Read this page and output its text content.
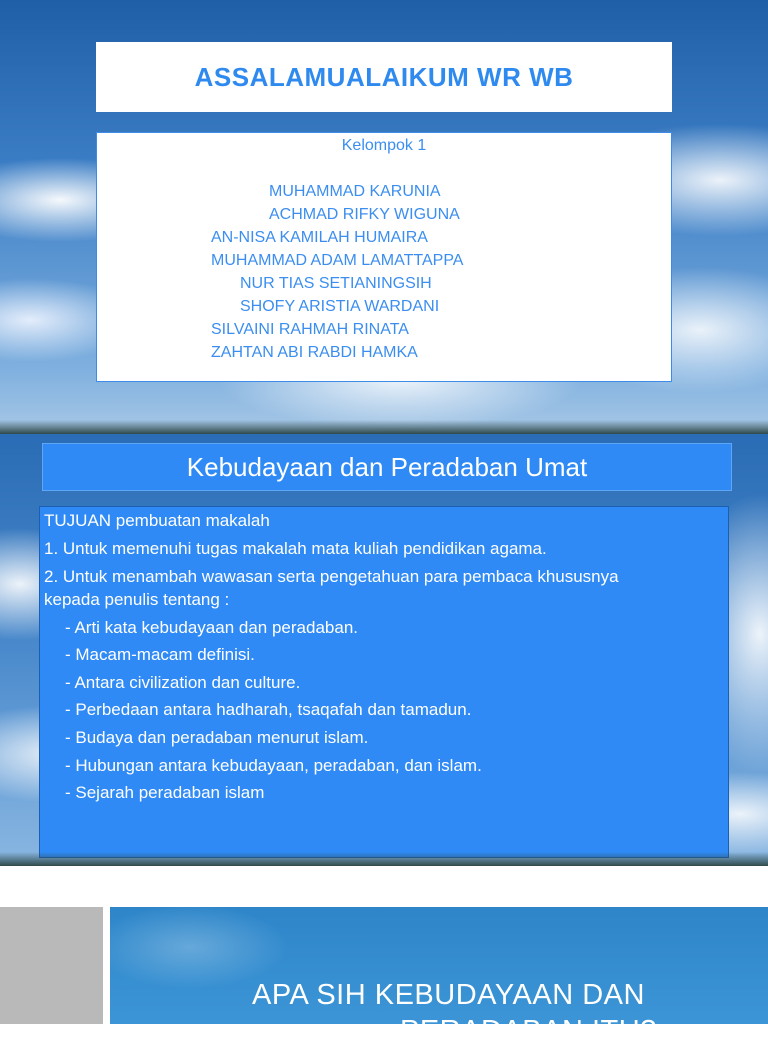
ASSALAMUALAIKUM WR WB
Kelompok 1
MUHAMMAD KARUNIA
ACHMAD RIFKY WIGUNA
AN-NISA KAMILAH HUMAIRA
MUHAMMAD ADAM LAMATTAPPA
NUR TIAS SETIANINGSIH
SHOFY ARISTIA WARDANI
SILVAINI RAHMAH RINATA
ZAHTAN ABI RABDI HAMKA
Kebudayaan dan Peradaban Umat
TUJUAN pembuatan makalah
1. Untuk memenuhi tugas makalah mata kuliah pendidikan agama.
2. Untuk menambah wawasan serta pengetahuan para pembaca khususnya
kepada penulis tentang :
- Arti kata kebudayaan dan peradaban.
- Macam-macam definisi.
- Antara civilization dan culture.
- Perbedaan antara hadharah, tsaqafah dan tamadun.
- Budaya dan peradaban menurut islam.
- Hubungan antara kebudayaan, peradaban, dan islam.
- Sejarah peradaban islam
APA SIH KEBUDAYAAN DAN
PERADABAN ITU?
